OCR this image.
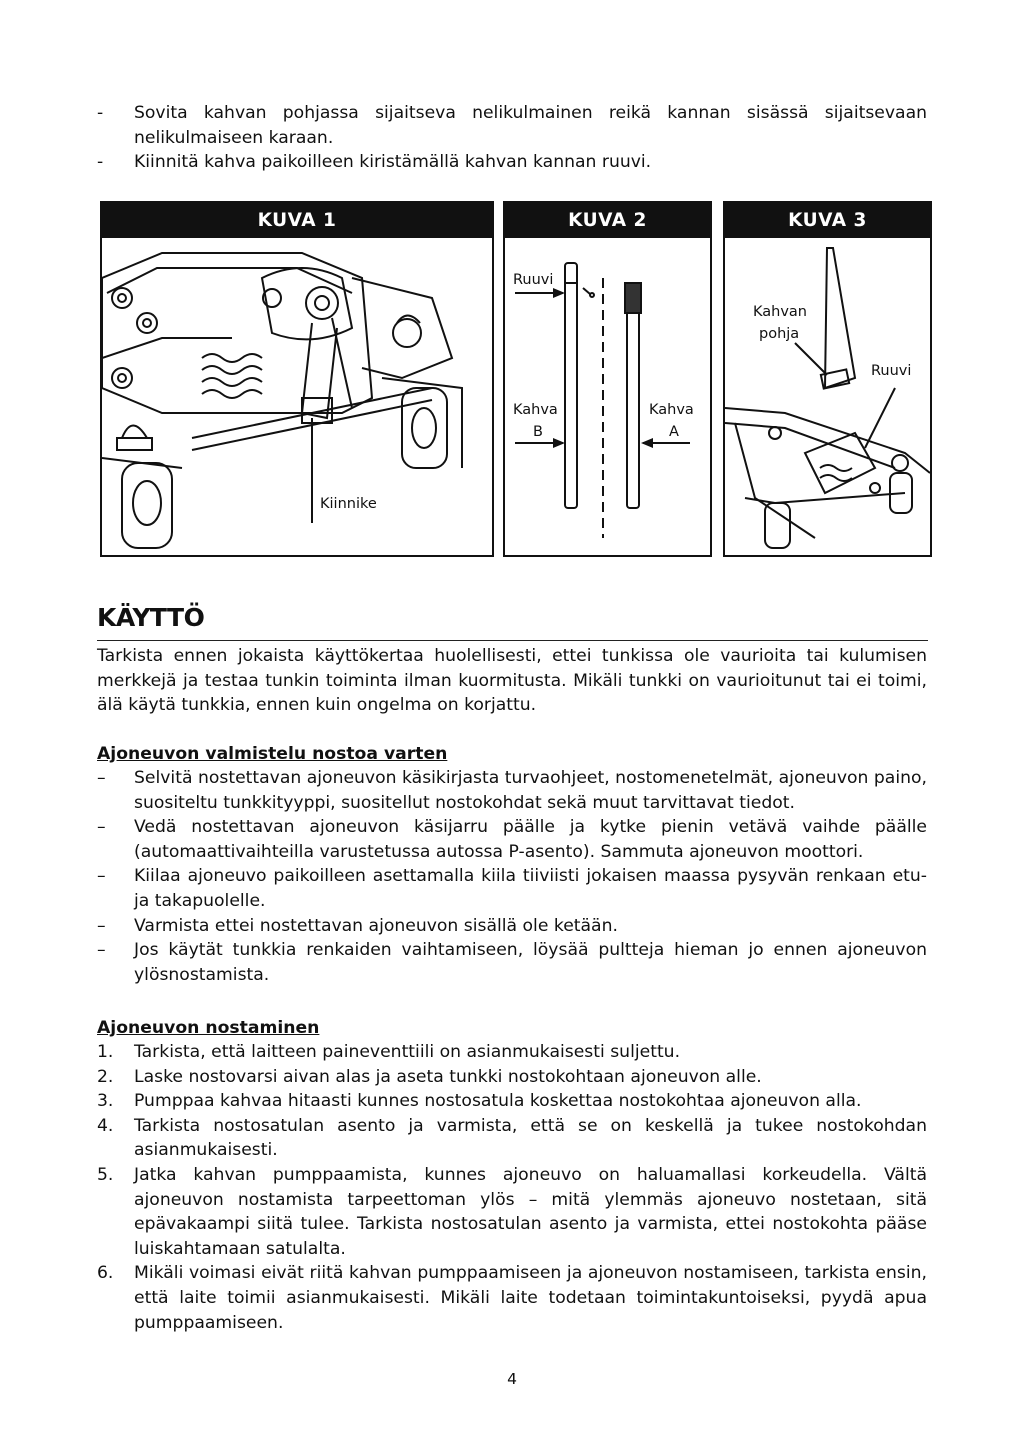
-	Sovita kahvan pohjassa sijaitseva nelikulmainen reikä kannan sisässä sijaitsevaan nelikulmaiseen karaan.
-	Kiinnitä kahva paikoilleen kiristämällä kahvan kannan ruuvi.
KUVA 1
Kiinnike
KUVA 2
Ruuvi
Kahva
B
Kahva
A
KUVA 3
Kahvan
pohja
Ruuvi
KÄYTTÖ
Tarkista ennen jokaista käyttökertaa huolellisesti, ettei tunkissa ole vaurioita tai kulumisen merkkejä ja testaa tunkin toiminta ilman kuormitusta. Mikäli tunkki on vaurioitunut tai ei toimi, älä käytä tunkkia, ennen kuin ongelma on korjattu.
Ajoneuvon valmistelu nostoa varten
–	Selvitä nostettavan ajoneuvon käsikirjasta turvaohjeet, nostomenetelmät, ajoneuvon paino, suositeltu tunkkityyppi, suositellut nostokohdat sekä muut tarvittavat tiedot.
–	Vedä nostettavan ajoneuvon käsijarru päälle ja kytke pienin vetävä vaihde päälle (automaattivaihteilla varustetussa autossa P-asento). Sammuta ajoneuvon moottori.
–	Kiilaa ajoneuvo paikoilleen asettamalla kiila tiiviisti jokaisen maassa pysyvän renkaan etu- ja takapuolelle.
–	Varmista ettei nostettavan ajoneuvon sisällä ole ketään.
–	Jos käytät tunkkia renkaiden vaihtamiseen, löysää pultteja hieman jo ennen ajoneuvon ylösnostamista.
Ajoneuvon nostaminen
1.	Tarkista, että laitteen paineventtiili on asianmukaisesti suljettu.
2.	Laske nostovarsi aivan alas ja aseta tunkki nostokohtaan ajoneuvon alle.
3.	Pumppaa kahvaa hitaasti kunnes nostosatula koskettaa nostokohtaa ajoneuvon alla.
4.	Tarkista nostosatulan asento ja varmista, että se on keskellä ja tukee nostokohdan asianmukaisesti.
5.	Jatka kahvan pumppaamista, kunnes ajoneuvo on haluamallasi korkeudella. Vältä ajoneuvon nostamista tarpeettoman ylös – mitä ylemmäs ajoneuvo nostetaan, sitä epävakaampi siitä tulee. Tarkista nostosatulan asento ja varmista, ettei nostokohta pääse luiskahtamaan satulalta.
6.	Mikäli voimasi eivät riitä kahvan pumppaamiseen ja ajoneuvon nostamiseen, tarkista ensin, että laite toimii asianmukaisesti. Mikäli laite todetaan toimintakuntoiseksi, pyydä apua pumppaamiseen.
4
